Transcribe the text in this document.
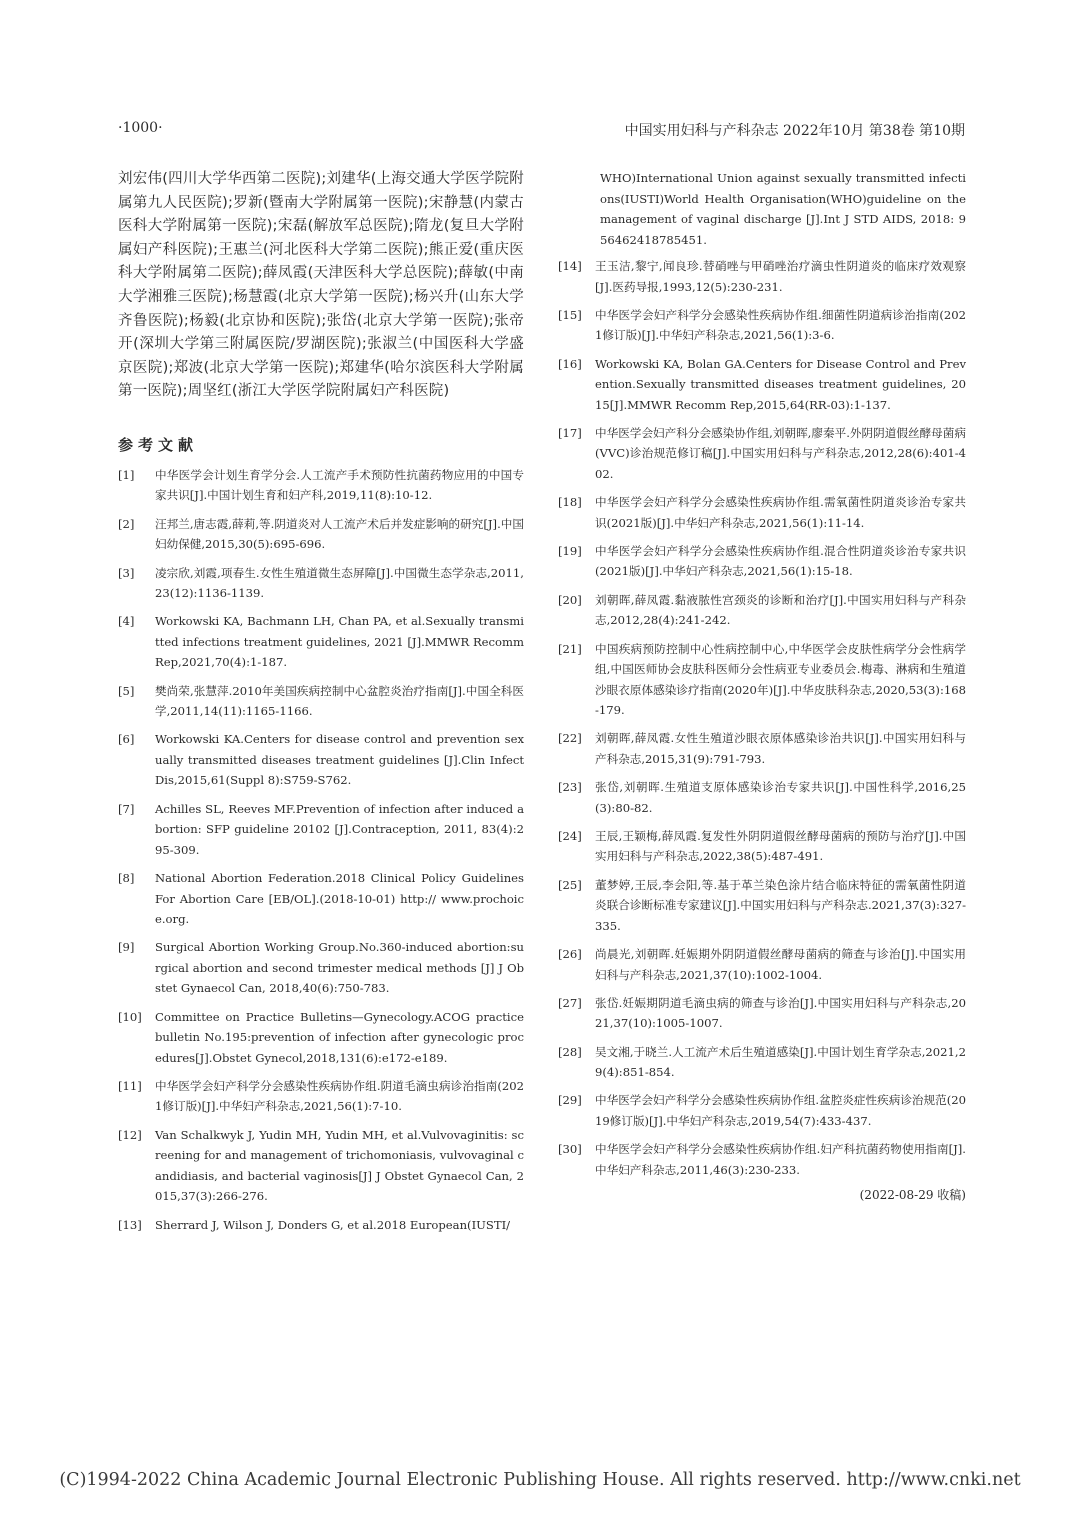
·1000·	中国实用妇科与产科杂志 2022年10月 第38卷 第10期

刘宏伟(四川大学华西第二医院);刘建华(上海交通大学医学院附属第九人民医院);罗新(暨南大学附属第一医院);宋静慧(内蒙古医科大学附属第一医院);宋磊(解放军总医院);隋龙(复旦大学附属妇产科医院);王惠兰(河北医科大学第二医院);熊正爱(重庆医科大学附属第二医院);薛凤霞(天津医科大学总医院);薛敏(中南大学湘雅三医院);杨慧霞(北京大学第一医院);杨兴升(山东大学齐鲁医院);杨毅(北京协和医院);张岱(北京大学第一医院);张帝开(深圳大学第三附属医院/罗湖医院);张淑兰(中国医科大学盛京医院);郑波(北京大学第一医院);郑建华(哈尔滨医科大学附属第一医院);周坚红(浙江大学医学院附属妇产科医院)

参考文献
[1]	中华医学会计划生育学分会.人工流产手术预防性抗菌药物应用的中国专家共识[J].中国计划生育和妇产科,2019,11(8):10-12.
[2]	汪邦兰,唐志霞,薛莉,等.阴道炎对人工流产术后并发症影响的研究[J].中国妇幼保健,2015,30(5):695-696.
[3]	凌宗欣,刘霞,项春生.女性生殖道微生态屏障[J].中国微生态学杂志,2011,23(12):1136-1139.
[4]	Workowski KA, Bachmann LH, Chan PA, et al.Sexually transmitted infections treatment guidelines, 2021 [J].MMWR Recomm Rep,2021,70(4):1-187.
[5]	樊尚荣,张慧萍.2010年美国疾病控制中心盆腔炎治疗指南[J].中国全科医学,2011,14(11):1165-1166.
[6]	Workowski KA.Centers for disease control and prevention sexually transmitted diseases treatment guidelines [J].Clin Infect Dis,2015,61(Suppl 8):S759-S762.
[7]	Achilles SL, Reeves MF.Prevention of infection after induced abortion: SFP guideline 20102 [J].Contraception, 2011, 83(4):295-309.
[8]	National Abortion Federation.2018 Clinical Policy Guidelines For Abortion Care [EB/OL].(2018-10-01) http:// www.prochoice.org.
[9]	Surgical Abortion Working Group.No.360-induced abortion:surgical abortion and second trimester medical methods [J] J Obstet Gynaecol Can, 2018,40(6):750-783.
[10]	Committee on Practice Bulletins—Gynecology.ACOG practice bulletin No.195:prevention of infection after gynecologic procedures[J].Obstet Gynecol,2018,131(6):e172-e189.
[11]	中华医学会妇产科学分会感染性疾病协作组.阴道毛滴虫病诊治指南(2021修订版)[J].中华妇产科杂志,2021,56(1):7-10.
[12]	Van Schalkwyk J, Yudin MH, Yudin MH, et al.Vulvovaginitis: screening for and management of trichomoniasis, vulvovaginal candidiasis, and bacterial vaginosis[J] J Obstet Gynaecol Can, 2015,37(3):266-276.
[13]	Sherrard J, Wilson J, Donders G, et al.2018 European(IUSTI/
WHO)International Union against sexually transmitted infections(IUSTI)World Health Organisation(WHO)guideline on the management of vaginal discharge [J].Int J STD AIDS, 2018: 956462418785451.
[14]	王玉洁,黎宁,闻良珍.替硝唑与甲硝唑治疗滴虫性阴道炎的临床疗效观察[J].医药导报,1993,12(5):230-231.
[15]	中华医学会妇产科学分会感染性疾病协作组.细菌性阴道病诊治指南(2021修订版)[J].中华妇产科杂志,2021,56(1):3-6.
[16]	Workowski KA, Bolan GA.Centers for Disease Control and Prevention.Sexually transmitted diseases treatment guidelines, 2015[J].MMWR Recomm Rep,2015,64(RR-03):1-137.
[17]	中华医学会妇产科分会感染协作组,刘朝晖,廖秦平.外阴阴道假丝酵母菌病(VVC)诊治规范修订稿[J].中国实用妇科与产科杂志,2012,28(6):401-402.
[18]	中华医学会妇产科学分会感染性疾病协作组.需氧菌性阴道炎诊治专家共识(2021版)[J].中华妇产科杂志,2021,56(1):11-14.
[19]	中华医学会妇产科学分会感染性疾病协作组.混合性阴道炎诊治专家共识(2021版)[J].中华妇产科杂志,2021,56(1):15-18.
[20]	刘朝晖,薛凤霞.黏液脓性宫颈炎的诊断和治疗[J].中国实用妇科与产科杂志,2012,28(4):241-242.
[21]	中国疾病预防控制中心性病控制中心,中华医学会皮肤性病学分会性病学组,中国医师协会皮肤科医师分会性病亚专业委员会.梅毒、淋病和生殖道沙眼衣原体感染诊疗指南(2020年)[J].中华皮肤科杂志,2020,53(3):168-179.
[22]	刘朝晖,薛凤霞.女性生殖道沙眼衣原体感染诊治共识[J].中国实用妇科与产科杂志,2015,31(9):791-793.
[23]	张岱,刘朝晖.生殖道支原体感染诊治专家共识[J].中国性科学,2016,25(3):80-82.
[24]	王辰,王颖梅,薛凤霞.复发性外阴阴道假丝酵母菌病的预防与治疗[J].中国实用妇科与产科杂志,2022,38(5):487-491.
[25]	董梦婷,王辰,李会阳,等.基于革兰染色涂片结合临床特征的需氧菌性阴道炎联合诊断标准专家建议[J].中国实用妇科与产科杂志.2021,37(3):327-335.
[26]	尚晨光,刘朝晖.妊娠期外阴阴道假丝酵母菌病的筛查与诊治[J].中国实用妇科与产科杂志,2021,37(10):1002-1004.
[27]	张岱.妊娠期阴道毛滴虫病的筛查与诊治[J].中国实用妇科与产科杂志,2021,37(10):1005-1007.
[28]	吴文湘,于晓兰.人工流产术后生殖道感染[J].中国计划生育学杂志,2021,29(4):851-854.
[29]	中华医学会妇产科学分会感染性疾病协作组.盆腔炎症性疾病诊治规范(2019修订版)[J].中华妇产科杂志,2019,54(7):433-437.
[30]	中华医学会妇产科学分会感染性疾病协作组.妇产科抗菌药物使用指南[J].中华妇产科杂志,2011,46(3):230-233.
(2022-08-29 收稿)
(C)1994-2022 China Academic Journal Electronic Publishing House. All rights reserved. http://www.cnki.net
